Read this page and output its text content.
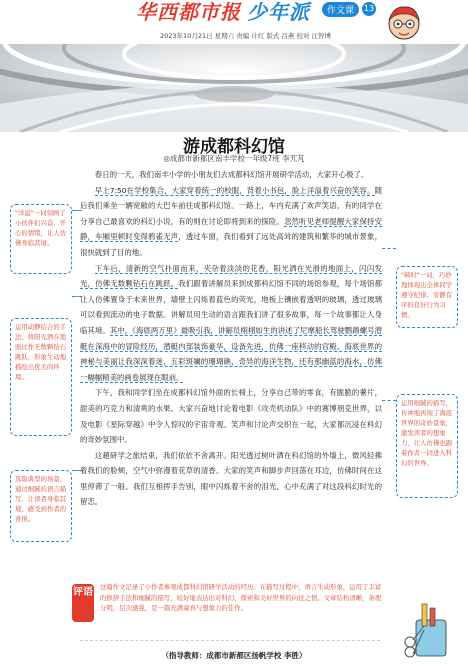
华西都市报 少年派	作文课	13
2023年10月21日 星期六 责编 计红 版式 吕燕 校对 汪智博
游成都科幻馆
◎成都市新都区南丰学校一年级7班 李艽芃

春日的一天，我们南丰小学的小朋友们去成都科幻馆开展研学活动，大家开心极了。

早上7:50在学校集合，大家穿着统一的校服，背着小书包，脸上洋溢着兴奋的笑容。随后我们乘坐一辆宽敞的大巴车前往成都科幻馆。一路上，车内充满了欢声笑语，有的同学在分享自己最喜欢的科幻小说，有的则在讨论即将到来的探险。忽然听见老师提醒大家保持安静，车厢里顿时变得鸦雀无声，透过车窗，我们看到了远处高耸的建筑和繁华的城市景象，很快就到了目的地。

下车后，清新的空气扑面而来，夹杂着淡淡的花香，阳光洒在光滑的地面上，闪闪发光，仿佛无数颗钻石在跳跃。我们跟着讲解员来到成都科幻馆不同的场馆参观，每个场馆都让人仿佛置身于未来世界，墙壁上闪烁着蓝色的荧光，地板上镶嵌着透明的玻璃，透过玻璃可以看到流动的电子数据。讲解员用生动的语言跟我们讲了很多故事，每一个故事都让人身临其境。其中，《海底两万里》最吸引我，讲解员栩栩如生的讲述了尼摩船长驾驶鹦鹉螺号潜艇在深海中的冒险经历，潜艇内部装饰豪华，设备先进，仿佛一座移动的宫殿。海底世界的神秘与美丽让我深深着迷，五彩斑斓的珊瑚礁，奇异的海洋生物，还有那幽蓝的海水，仿佛一幅幅精美的画卷展现在眼前。

下午，我和同学们坐在成都科幻馆外面的长椅上，分享自己带的零食，有脆脆的薯片，甜美的巧克力和清爽的水果。大家兴奋地讨论着电影《攻壳机动队》中的赛博朋克世界，以及电影《星际穿越》中令人惊叹的宇宙奇观。笑声和讨论声交织在一起，大家都沉浸在科幻的奇妙氛围中。

这趟研学之旅结束，我们依依不舍离开。阳光透过树叶洒在科幻馆的外墙上，微风轻拂着我们的脸颊，空气中弥漫着花草的清香。大家的笑声和脚步声回荡在耳边，仿佛时间在这里停滞了一般。我们互相挥手告别，眼中闪烁着不舍的泪光，心中充满了对这段科幻时光的留恋。

"洋溢"一词刻画了小伙伴们兴奋、开心的情绪，让人仿佛身临其境。
运用动静结合的手法，将阳光洒在地面比作无数颗钻石跳跃，形象生动地描绘出优美的环境。
选取典型的场景，通过细腻的语言描写，让读者身临其境、感受到作者的喜悦。
"顿时"一词，巧妙地体现出全体同学遵守纪律、安静有序的良好行为习惯。
运用细腻的描写，传神地再现了海底世界的奇妙景象，激发读者的想象力，让人仿佛也跟着作者一同进入科幻的世界。
评语 这篇作文记录了小作者参观成都科幻馆研学活动的经历。在描写过程中，语言生动形象，运用了丰富的修辞手法和细腻的描写，较好地表达出对科幻、探索和美好世界的向往之情。文章结构清晰，条理分明，层次感强，是一篇充满童真与想象力的佳作。
（指导教师：成都市新都区扬帆学校 李胜）
